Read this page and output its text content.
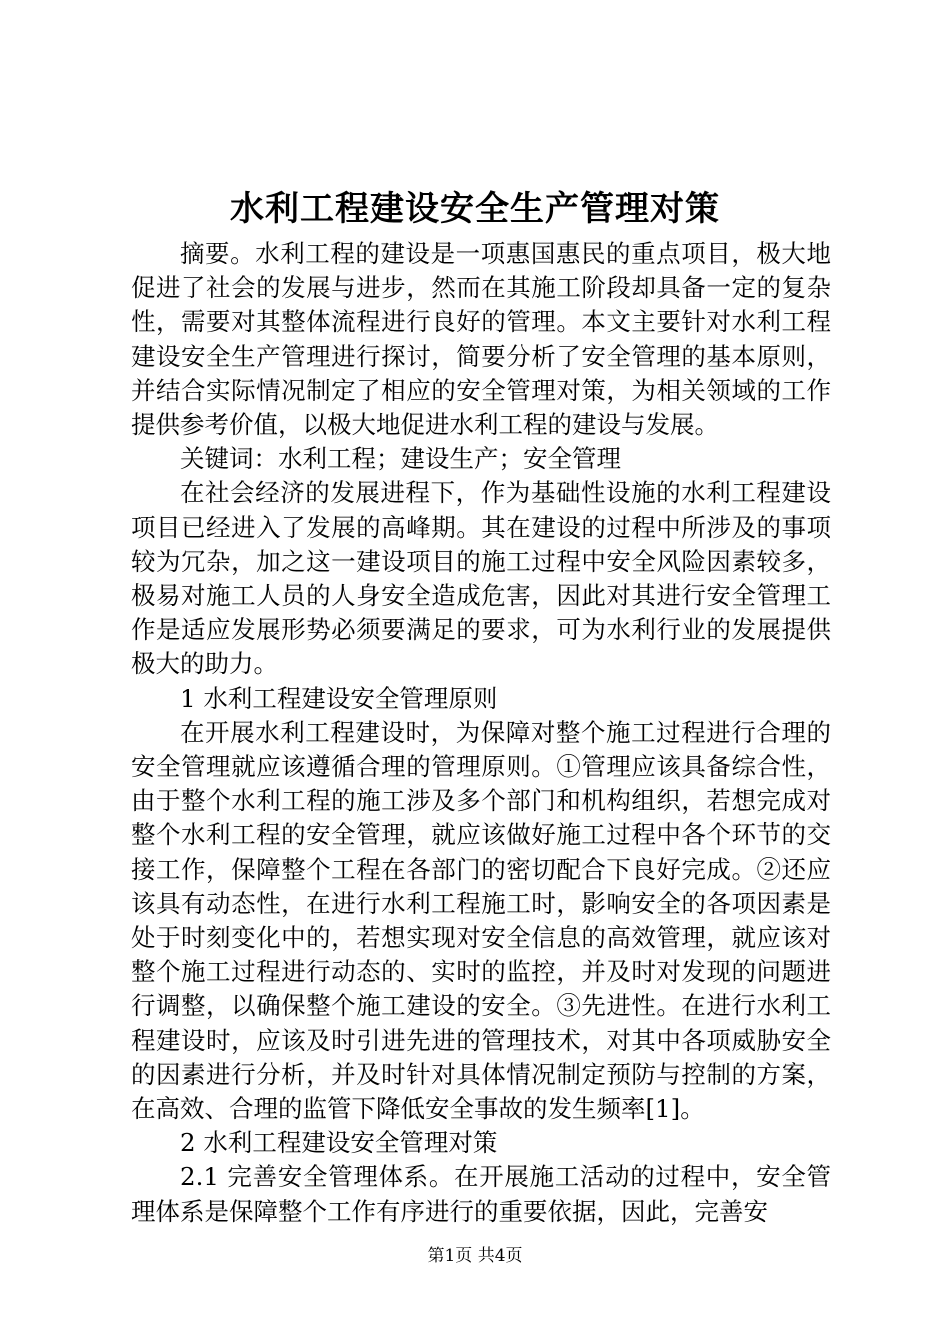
水利工程建设安全生产管理对策

摘要。水利工程的建设是一项惠国惠民的重点项目，极大地促进了社会的发展与进步，然而在其施工阶段却具备一定的复杂性，需要对其整体流程进行良好的管理。本文主要针对水利工程建设安全生产管理进行探讨，简要分析了安全管理的基本原则，并结合实际情况制定了相应的安全管理对策，为相关领域的工作提供参考价值，以极大地促进水利工程的建设与发展。

关键词：水利工程；建设生产；安全管理

在社会经济的发展进程下，作为基础性设施的水利工程建设项目已经进入了发展的高峰期。其在建设的过程中所涉及的事项较为冗杂，加之这一建设项目的施工过程中安全风险因素较多，极易对施工人员的人身安全造成危害，因此对其进行安全管理工作是适应发展形势必须要满足的要求，可为水利行业的发展提供极大的助力。

1 水利工程建设安全管理原则

在开展水利工程建设时，为保障对整个施工过程进行合理的安全管理就应该遵循合理的管理原则。①管理应该具备综合性，由于整个水利工程的施工涉及多个部门和机构组织，若想完成对整个水利工程的安全管理，就应该做好施工过程中各个环节的交接工作，保障整个工程在各部门的密切配合下良好完成。②还应该具有动态性，在进行水利工程施工时，影响安全的各项因素是处于时刻变化中的，若想实现对安全信息的高效管理，就应该对整个施工过程进行动态的、实时的监控，并及时对发现的问题进行调整，以确保整个施工建设的安全。③先进性。在进行水利工程建设时，应该及时引进先进的管理技术，对其中各项威胁安全的因素进行分析，并及时针对具体情况制定预防与控制的方案，在高效、合理的监管下降低安全事故的发生频率[1]。

2 水利工程建设安全管理对策

2.1 完善安全管理体系。在开展施工活动的过程中，安全管理体系是保障整个工作有序进行的重要依据，因此，完善安

第1页 共4页
